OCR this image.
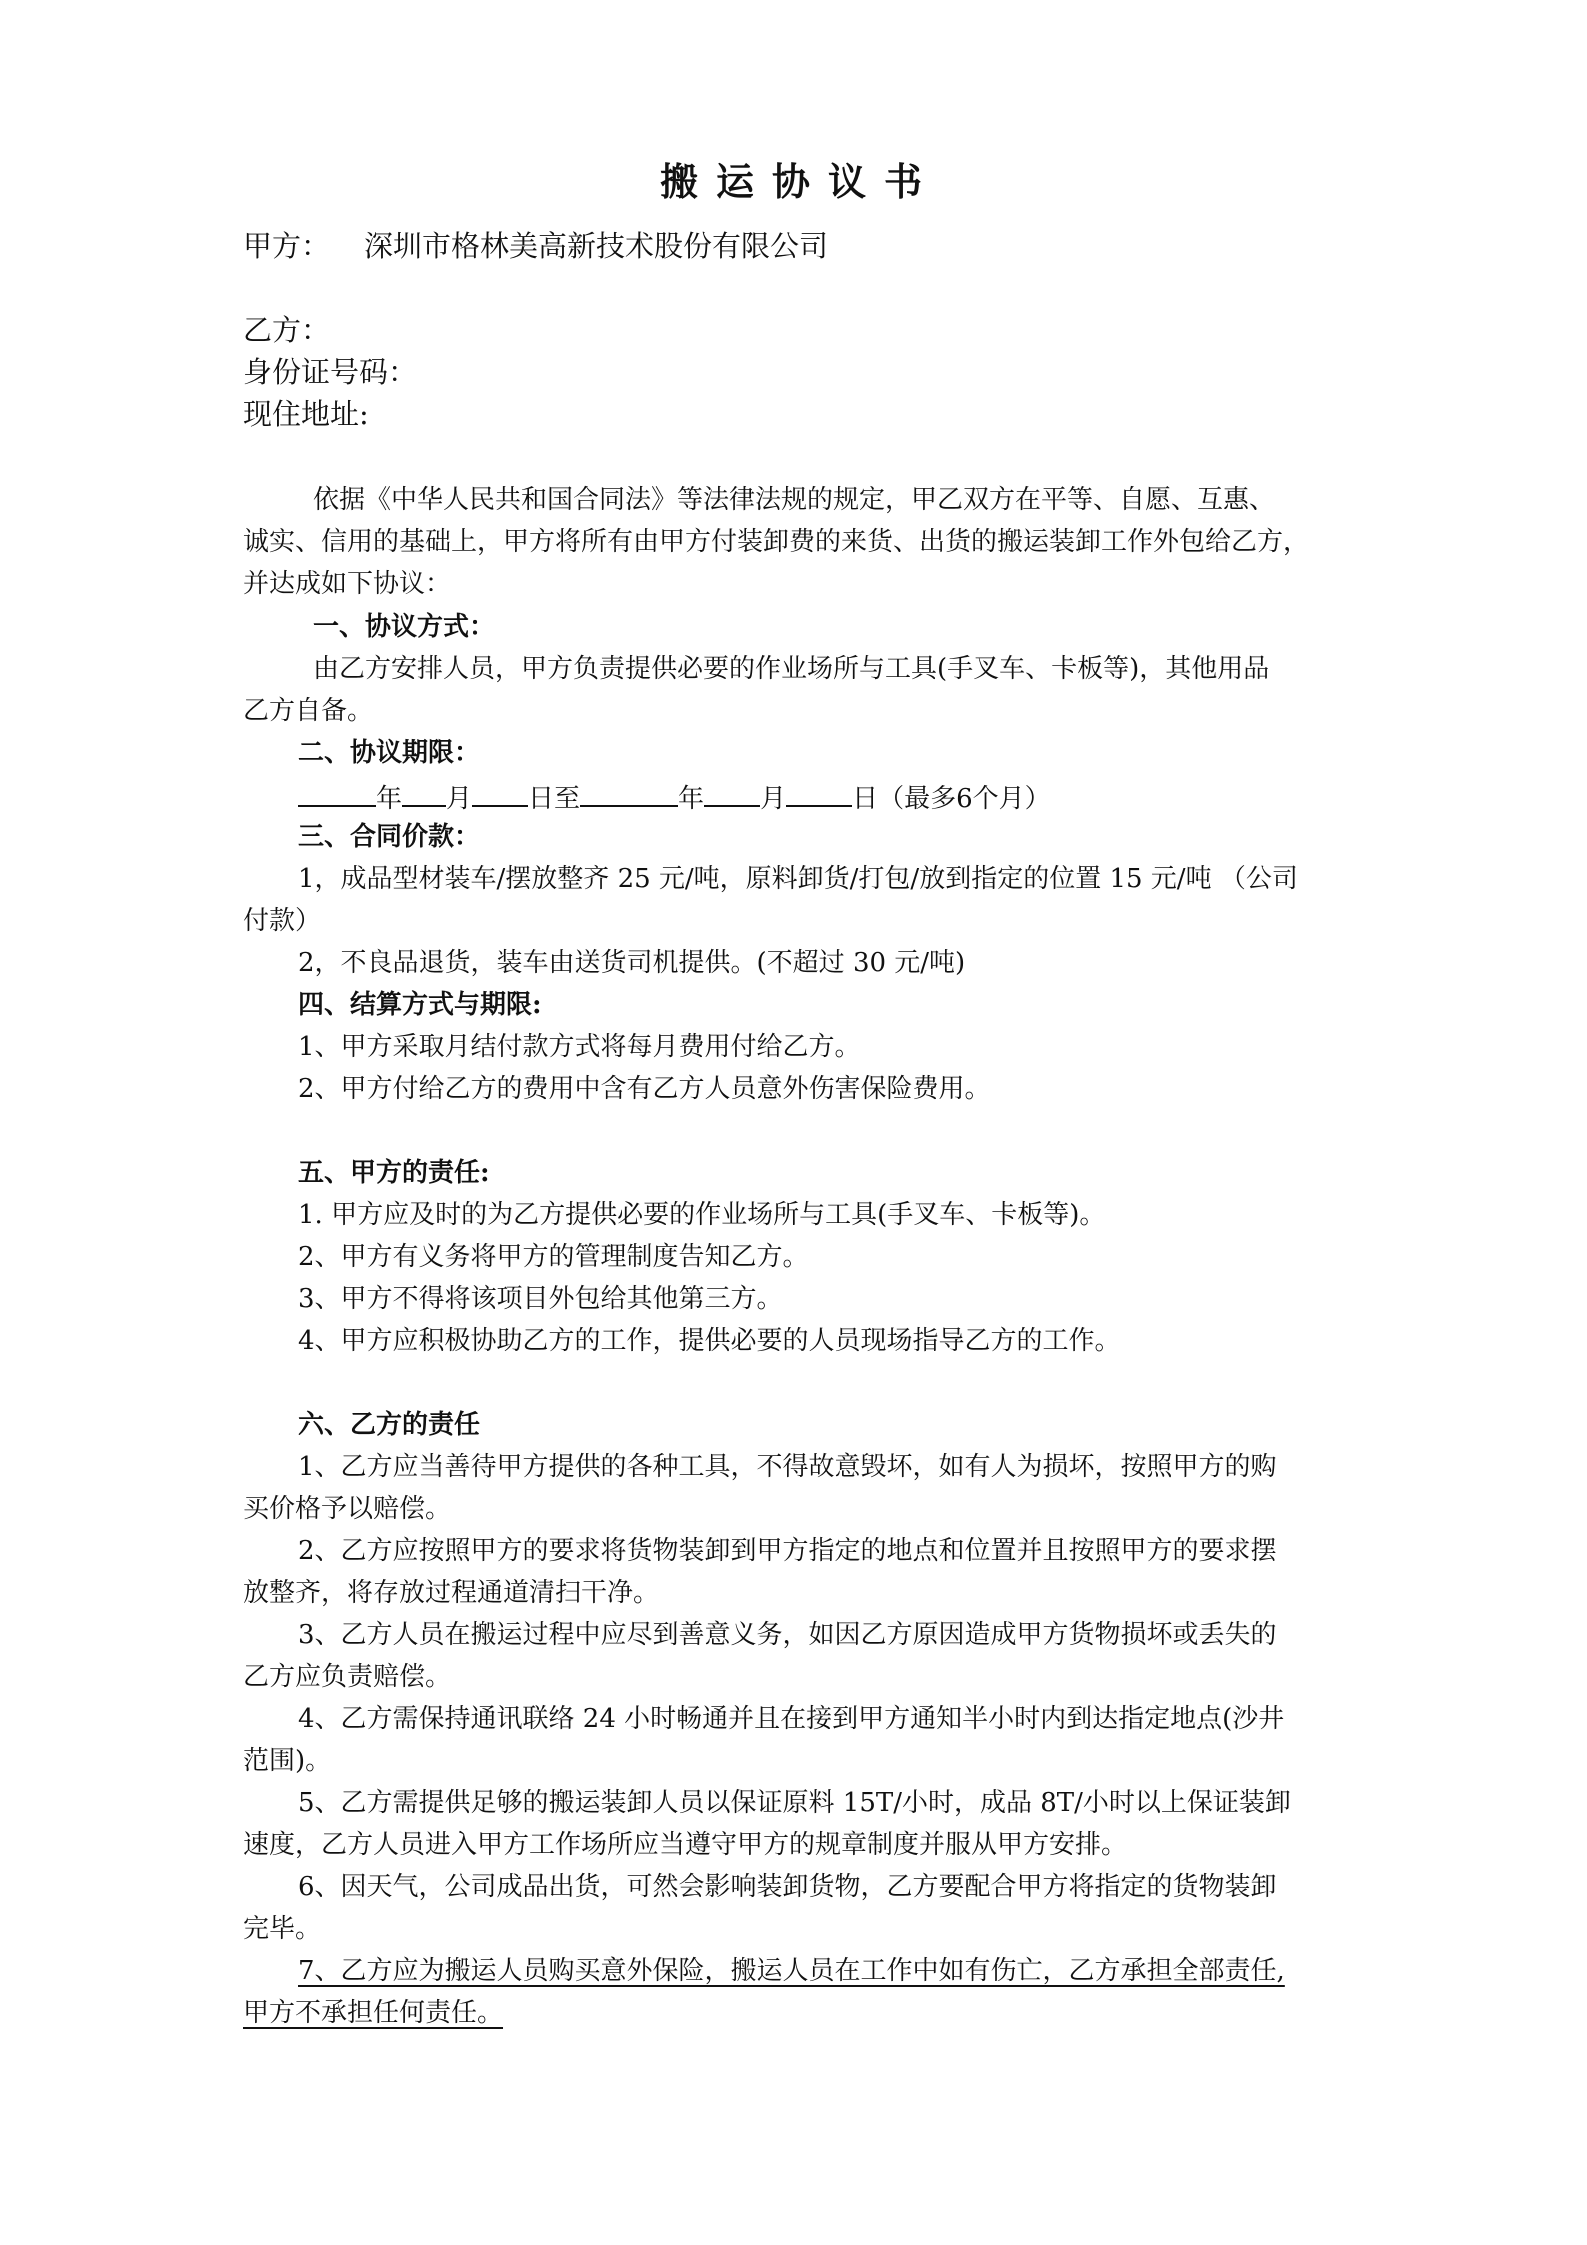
搬运协议书
甲方： 深圳市格林美高新技术股份有限公司
乙方：
身份证号码：
现住地址:
依据《中华人民共和国合同法》等法律法规的规定，甲乙双方在平等、自愿、互惠、
诚实、信用的基础上，甲方将所有由甲方付装卸费的来货、出货的搬运装卸工作外包给乙方，
并达成如下协议：
一、协议方式：
由乙方安排人员，甲方负责提供必要的作业场所与工具(手叉车、卡板等)，其他用品
乙方自备。
二、协议期限：
年 月 日至	年 月	日（最多6个月）
三、合同价款：
1，成品型材装车/摆放整齐 25 元/吨，原料卸货/打包/放到指定的位置 15 元/吨 （公司
付款）
2，不良品退货，装车由送货司机提供。(不超过 30 元/吨)
四、结算方式与期限:
1、甲方采取月结付款方式将每月费用付给乙方。
2、甲方付给乙方的费用中含有乙方人员意外伤害保险费用。
五、甲方的责任:
1. 甲方应及时的为乙方提供必要的作业场所与工具(手叉车、卡板等)。
2、甲方有义务将甲方的管理制度告知乙方。
3、甲方不得将该项目外包给其他第三方。
4、甲方应积极协助乙方的工作，提供必要的人员现场指导乙方的工作。
六、乙方的责任
1、乙方应当善待甲方提供的各种工具，不得故意毁坏，如有人为损坏，按照甲方的购
买价格予以赔偿。
2、乙方应按照甲方的要求将货物装卸到甲方指定的地点和位置并且按照甲方的要求摆
放整齐，将存放过程通道清扫干净。
3、乙方人员在搬运过程中应尽到善意义务，如因乙方原因造成甲方货物损坏或丢失的
乙方应负责赔偿。
4、乙方需保持通讯联络 24 小时畅通并且在接到甲方通知半小时内到达指定地点(沙井
范围)。
5、乙方需提供足够的搬运装卸人员以保证原料 15T/小时，成品 8T/小时以上保证装卸
速度，乙方人员进入甲方工作场所应当遵守甲方的规章制度并服从甲方安排。
6、因天气，公司成品出货，可然会影响装卸货物，乙方要配合甲方将指定的货物装卸
完毕。
7、乙方应为搬运人员购买意外保险，搬运人员在工作中如有伤亡，乙方承担全部责任,
甲方不承担任何责任。
